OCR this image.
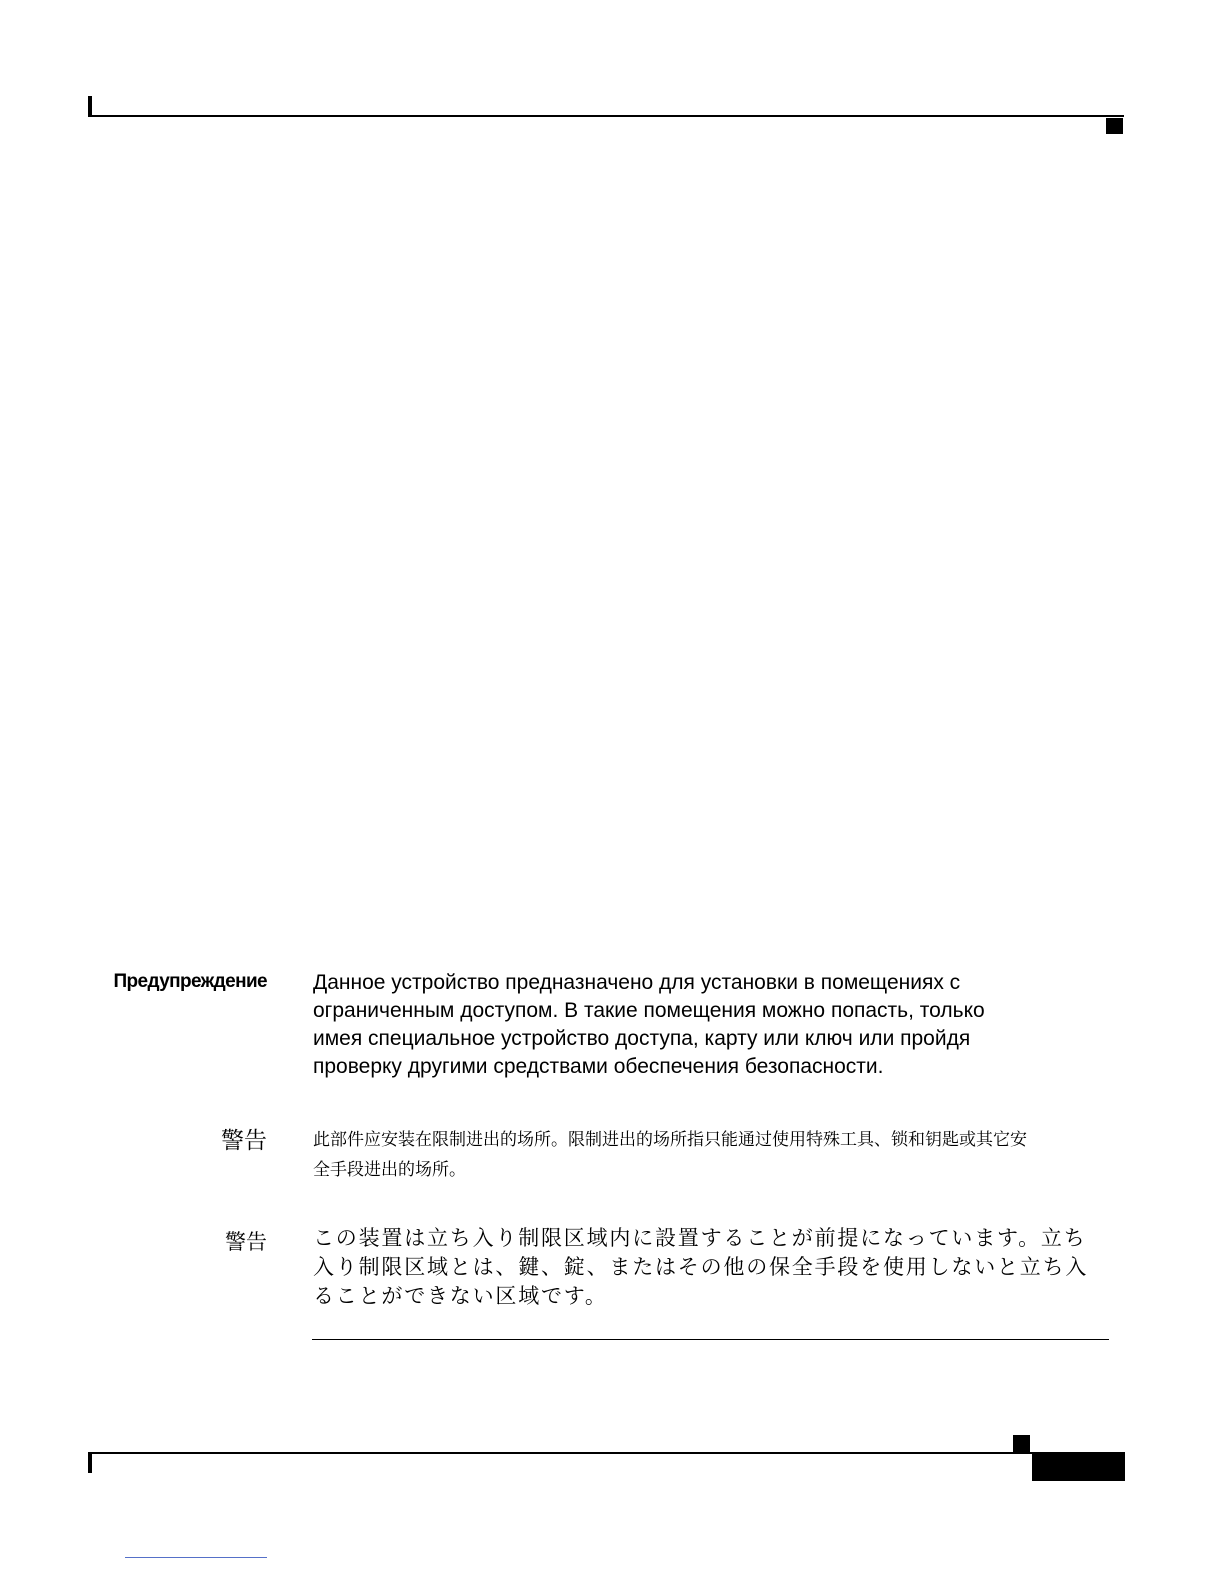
Предупреждение Данное устройство предназначено для установки в помещениях с
ограниченным доступом. В такие помещения можно попасть, только
имея специальное устройство доступа, карту или ключ или пройдя
проверку другими средствами обеспечения безопасности.
警告	此部件应安装在限制进出的场所。限制进出的场所指只能通过使用特殊工具、锁和钥匙或其它安
全手段进出的场所。
警告 この装置は立ち入り制限区域内に設置することが前提になっています。立ち
入り制限区域とは、鍵、錠、またはその他の保全手段を使用しないと立ち入
ることができない区域です。
